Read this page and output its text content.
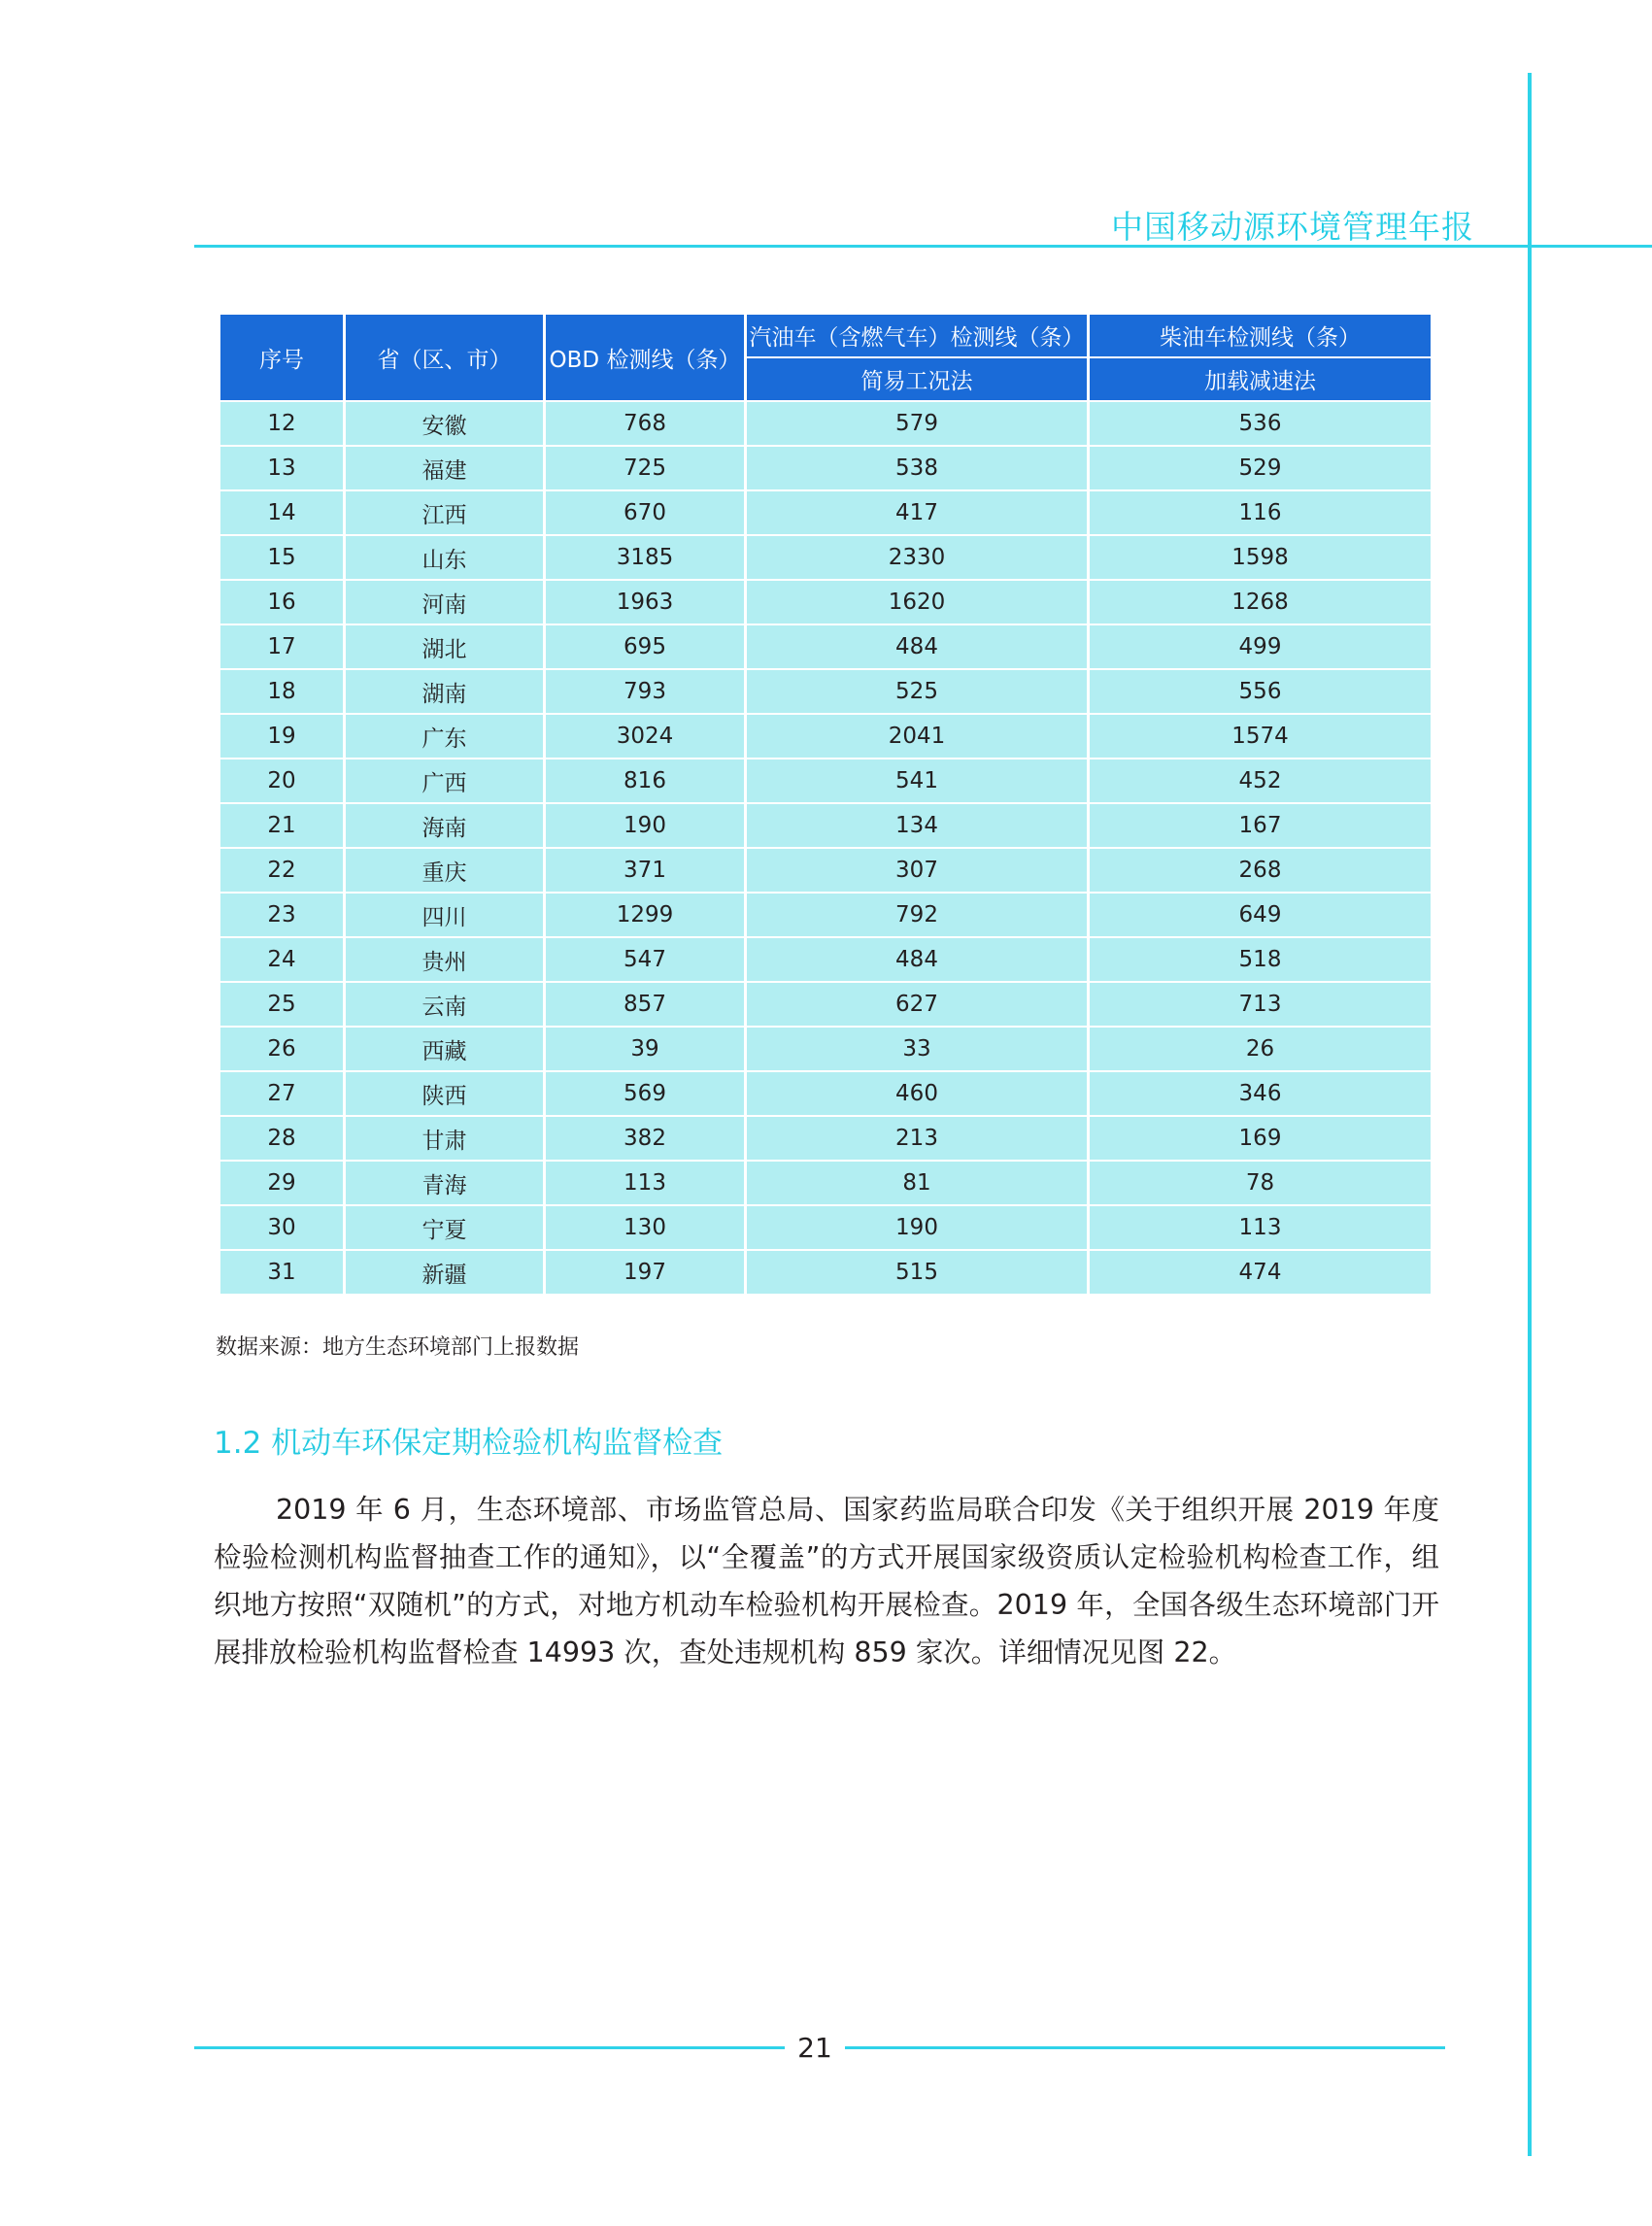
中国移动源环境管理年报
序号	省（区、市）	OBD 检测线（条）	汽油车（含燃气车）检测线（条）	柴油车检测线（条）
			简易工况法	加载减速法
12	安徽	768	579	536
13	福建	725	538	529
14	江西	670	417	116
15	山东	3185	2330	1598
16	河南	1963	1620	1268
17	湖北	695	484	499
18	湖南	793	525	556
19	广东	3024	2041	1574
20	广西	816	541	452
21	海南	190	134	167
22	重庆	371	307	268
23	四川	1299	792	649
24	贵州	547	484	518
25	云南	857	627	713
26	西藏	39	33	26
27	陕西	569	460	346
28	甘肃	382	213	169
29	青海	113	81	78
30	宁夏	130	190	113
31	新疆	197	515	474
数据来源：地方生态环境部门上报数据
1.2 机动车环保定期检验机构监督检查
2019 年 6 月，生态环境部、市场监管总局、国家药监局联合印发《关于组织开展 2019 年度检验检测机构监督抽查工作的通知》，以“全覆盖”的方式开展国家级资质认定检验机构检查工作，组织地方按照“双随机”的方式，对地方机动车检验机构开展检查。2019 年，全国各级生态环境部门开展排放检验机构监督检查 14993 次，查处违规机构 859 家次。详细情况见图 22。
21
